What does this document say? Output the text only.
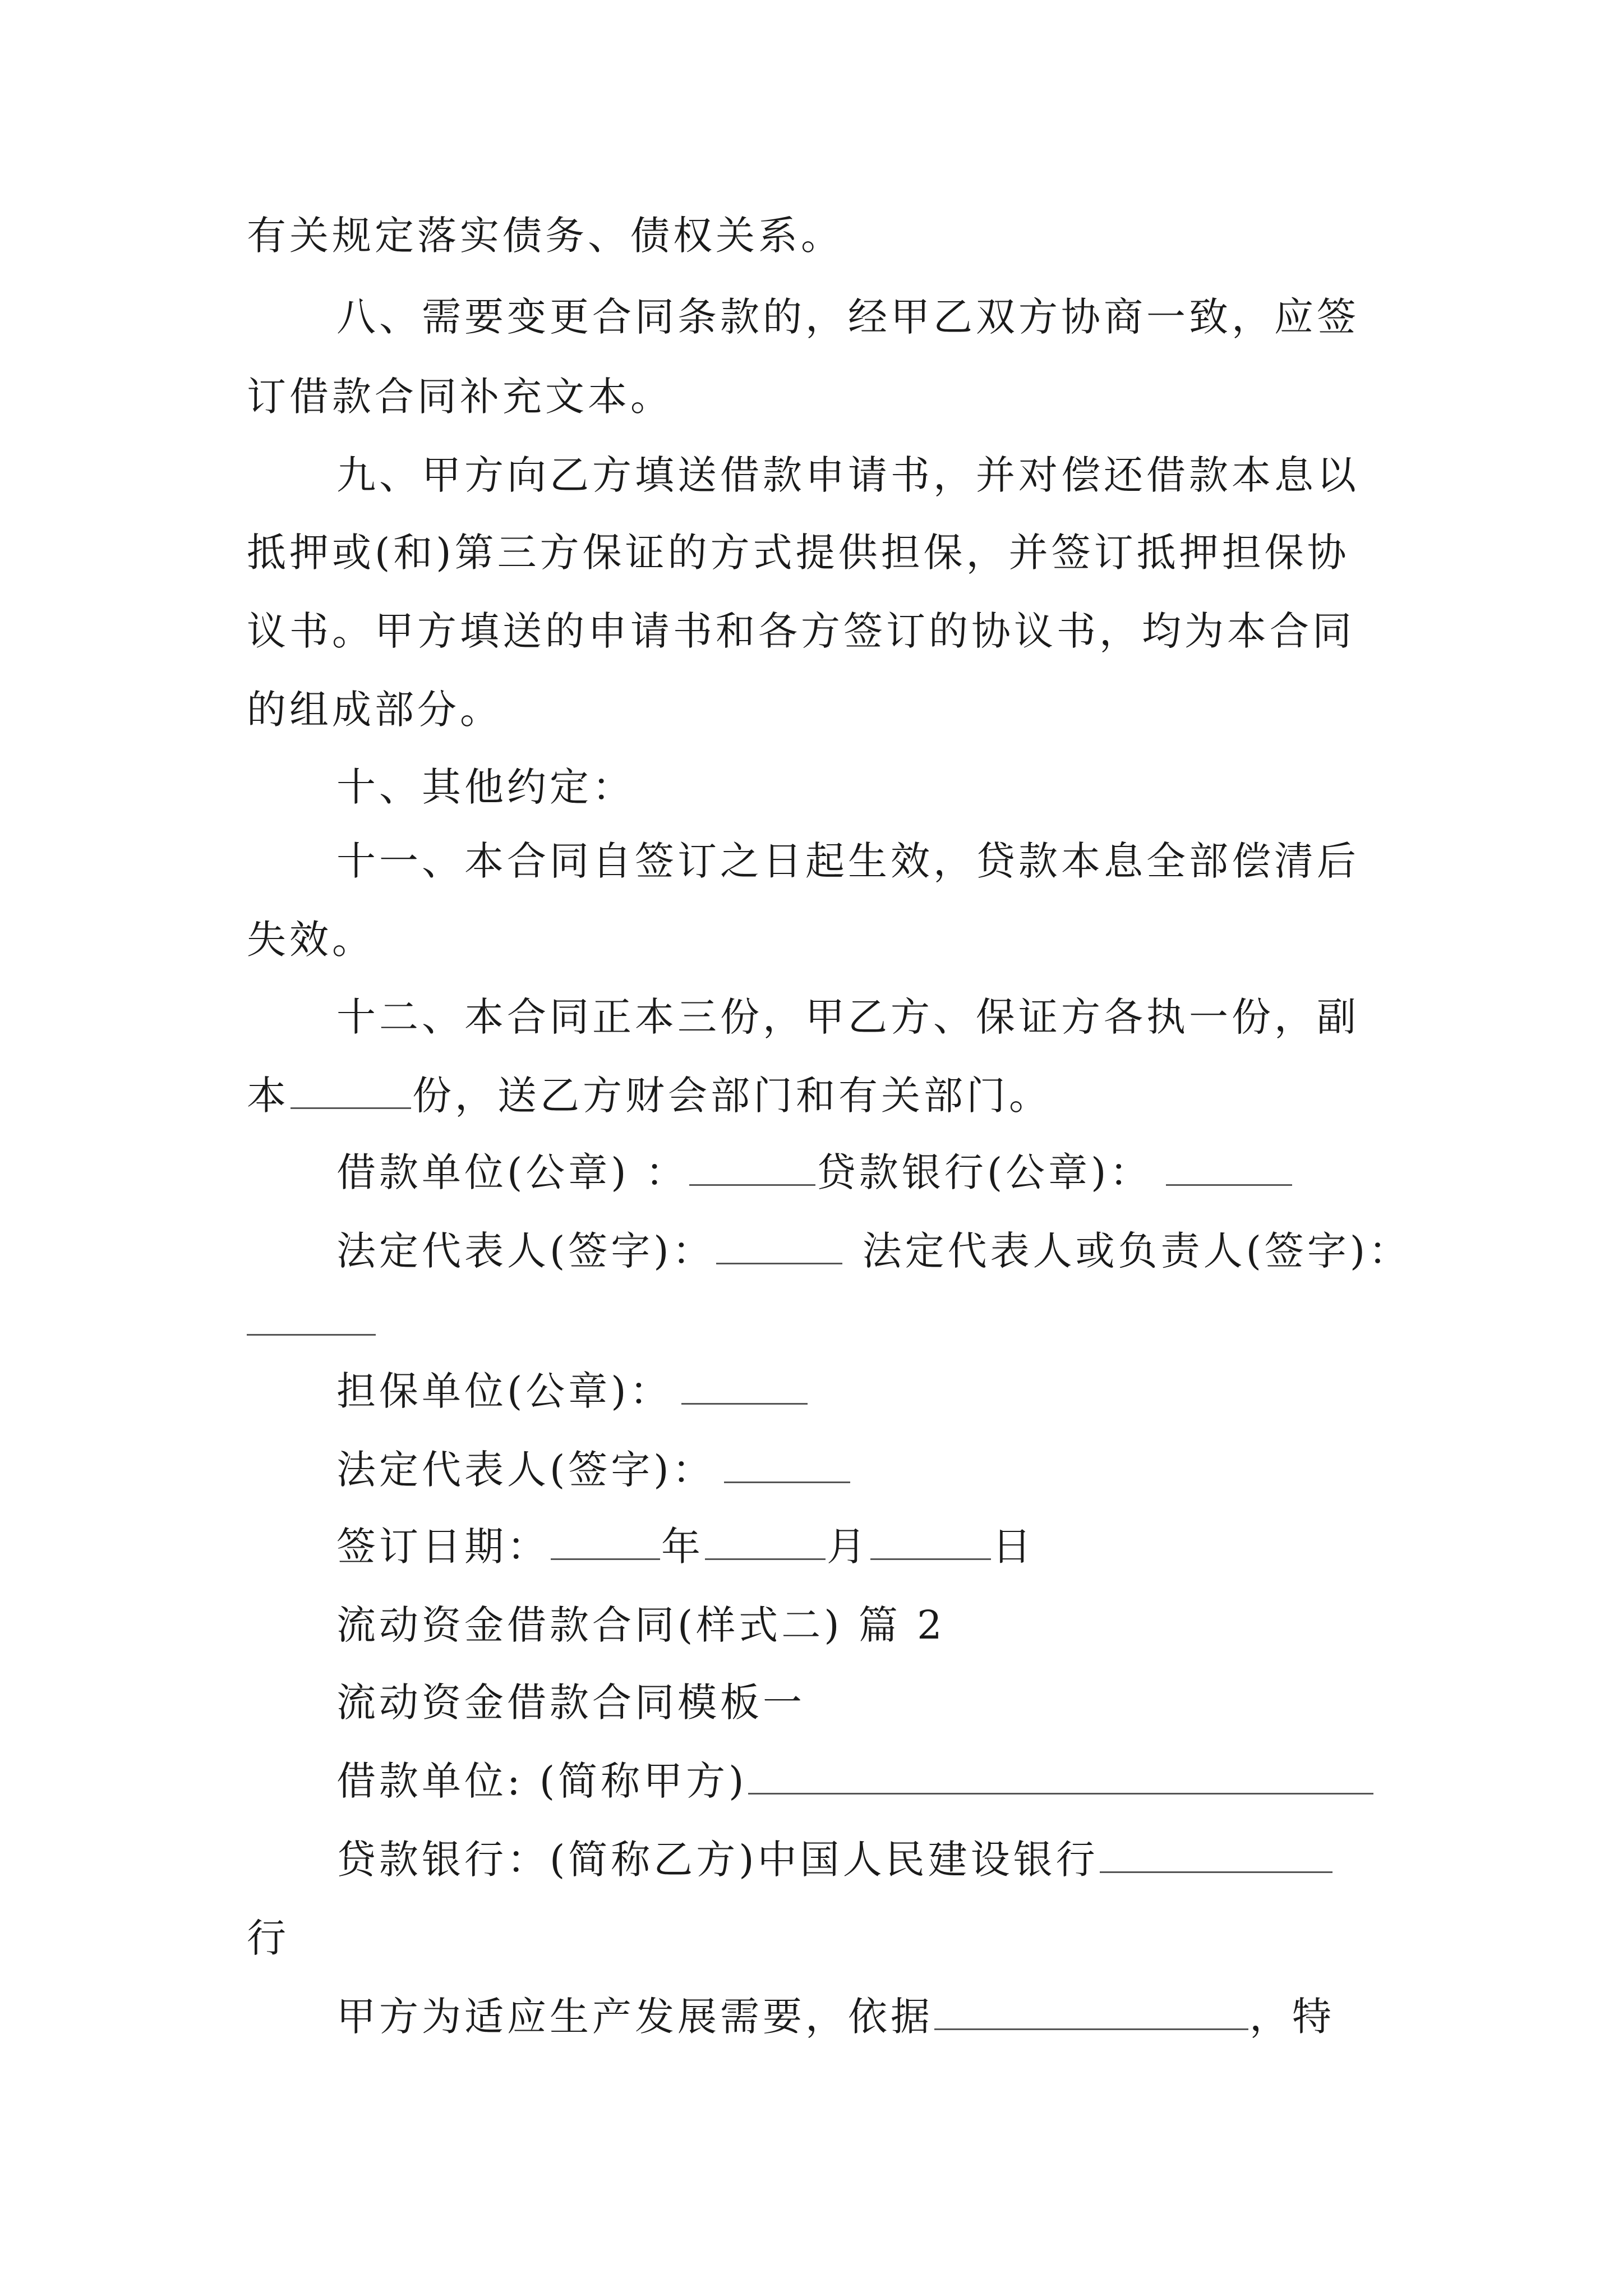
有关规定落实债务、债权关系。
八、需要变更合同条款的，经甲乙双方协商一致，应签
订借款合同补充文本。
九、甲方向乙方填送借款申请书，并对偿还借款本息以
抵押或(和)第三方保证的方式提供担保，并签订抵押担保协
议书。甲方填送的申请书和各方签订的协议书，均为本合同
的组成部分。
十、其他约定：
十一、本合同自签订之日起生效，贷款本息全部偿清后
失效。
十二、本合同正本三份，甲乙方、保证方各执一份，副
本	份，送乙方财会部门和有关部门。
借款单位(公章) ：	贷款银行(公章)：
法定代表人(签字)：	法定代表人或负责人(签字)：
担保单位(公章)：
法定代表人(签字)：
签订日期：	年	月	日
流动资金借款合同(样式二) 篇 2
流动资金借款合同模板一
借款单位: (简称甲方)
贷款银行：(简称乙方)中国人民建设银行
行
甲方为适应生产发展需要，依据	，特
